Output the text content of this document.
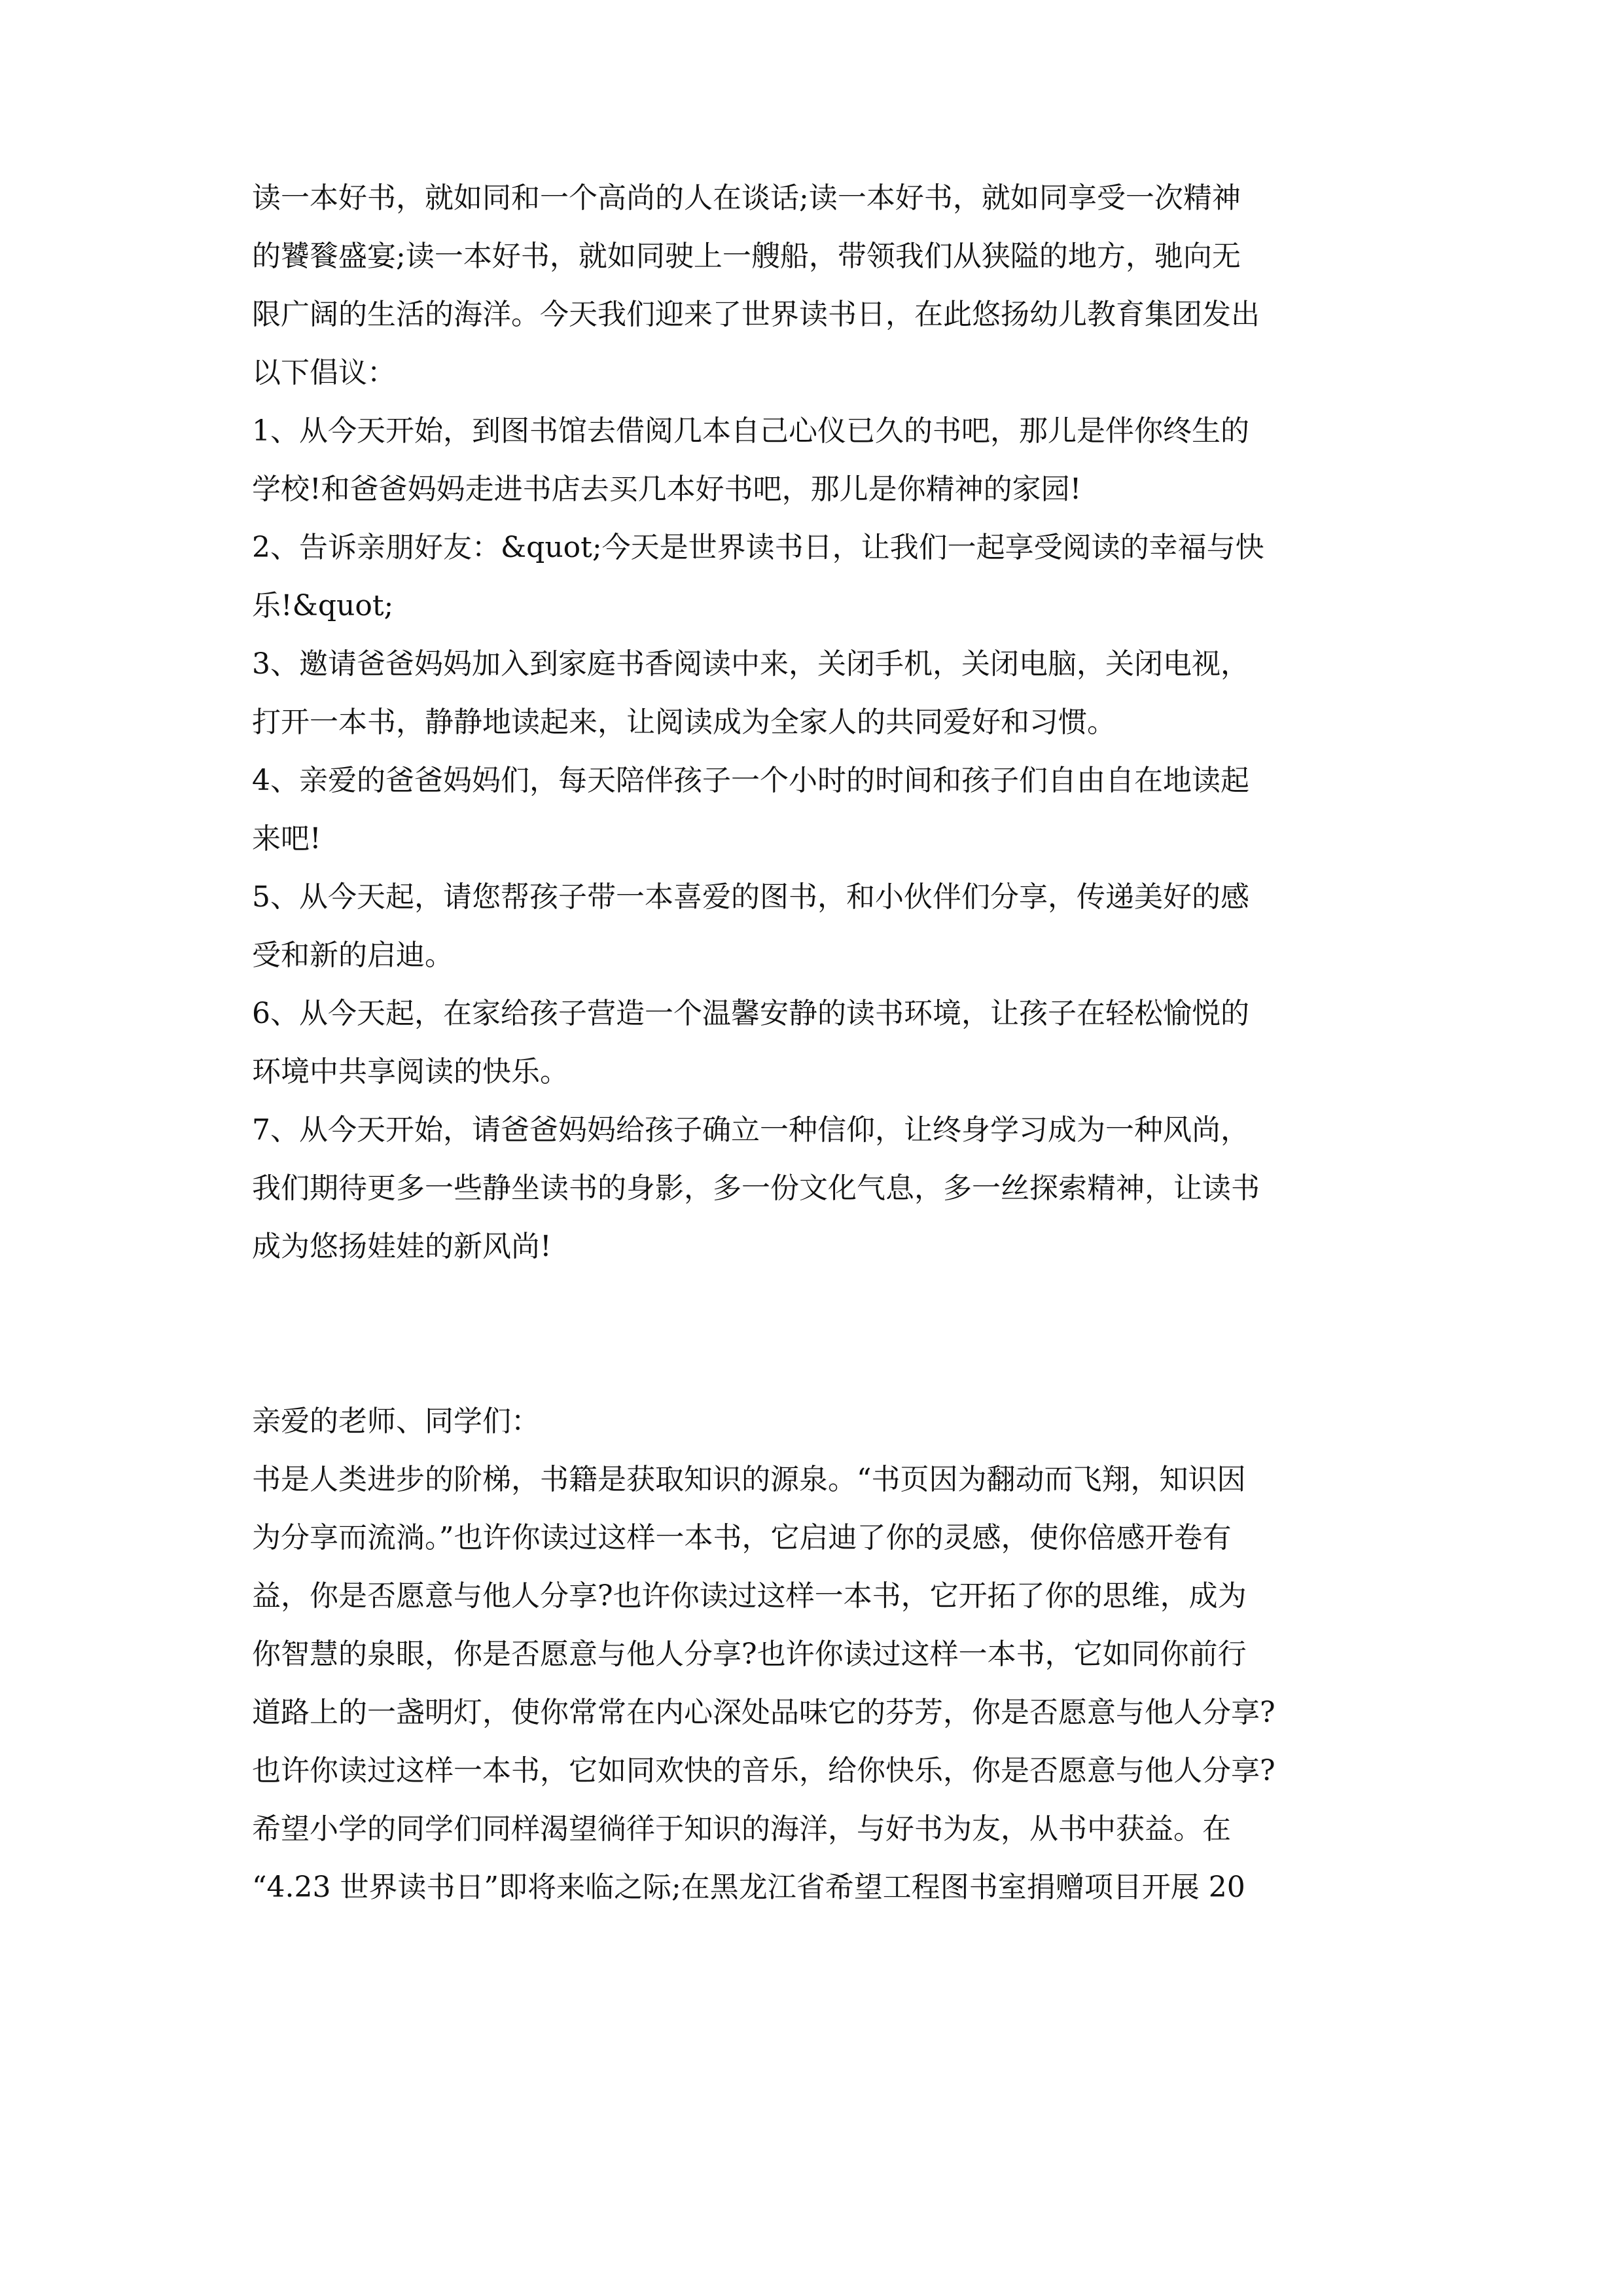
读一本好书，就如同和一个高尚的人在谈话;读一本好书，就如同享受一次精神
的饕餮盛宴;读一本好书，就如同驶上一艘船，带领我们从狭隘的地方，驰向无
限广阔的生活的海洋。今天我们迎来了世界读书日，在此悠扬幼儿教育集团发出
以下倡议：
1、从今天开始，到图书馆去借阅几本自己心仪已久的书吧，那儿是伴你终生的
学校!和爸爸妈妈走进书店去买几本好书吧，那儿是你精神的家园!
2、告诉亲朋好友：&quot;今天是世界读书日，让我们一起享受阅读的幸福与快
乐!&quot;
3、邀请爸爸妈妈加入到家庭书香阅读中来，关闭手机，关闭电脑，关闭电视，
打开一本书，静静地读起来，让阅读成为全家人的共同爱好和习惯。
4、亲爱的爸爸妈妈们，每天陪伴孩子一个小时的时间和孩子们自由自在地读起
来吧!
5、从今天起，请您帮孩子带一本喜爱的图书，和小伙伴们分享，传递美好的感
受和新的启迪。
6、从今天起，在家给孩子营造一个温馨安静的读书环境，让孩子在轻松愉悦的
环境中共享阅读的快乐。
7、从今天开始，请爸爸妈妈给孩子确立一种信仰，让终身学习成为一种风尚，
我们期待更多一些静坐读书的身影，多一份文化气息，多一丝探索精神，让读书
成为悠扬娃娃的新风尚!
亲爱的老师、同学们：
书是人类进步的阶梯，书籍是获取知识的源泉。“书页因为翻动而飞翔，知识因
为分享而流淌。”也许你读过这样一本书，它启迪了你的灵感，使你倍感开卷有
益，你是否愿意与他人分享?也许你读过这样一本书，它开拓了你的思维，成为
你智慧的泉眼，你是否愿意与他人分享?也许你读过这样一本书，它如同你前行
道路上的一盏明灯，使你常常在内心深处品味它的芬芳，你是否愿意与他人分享?
也许你读过这样一本书，它如同欢快的音乐，给你快乐，你是否愿意与他人分享?
希望小学的同学们同样渴望徜徉于知识的海洋，与好书为友，从书中获益。在
“4.23 世界读书日”即将来临之际;在黑龙江省希望工程图书室捐赠项目开展 20
